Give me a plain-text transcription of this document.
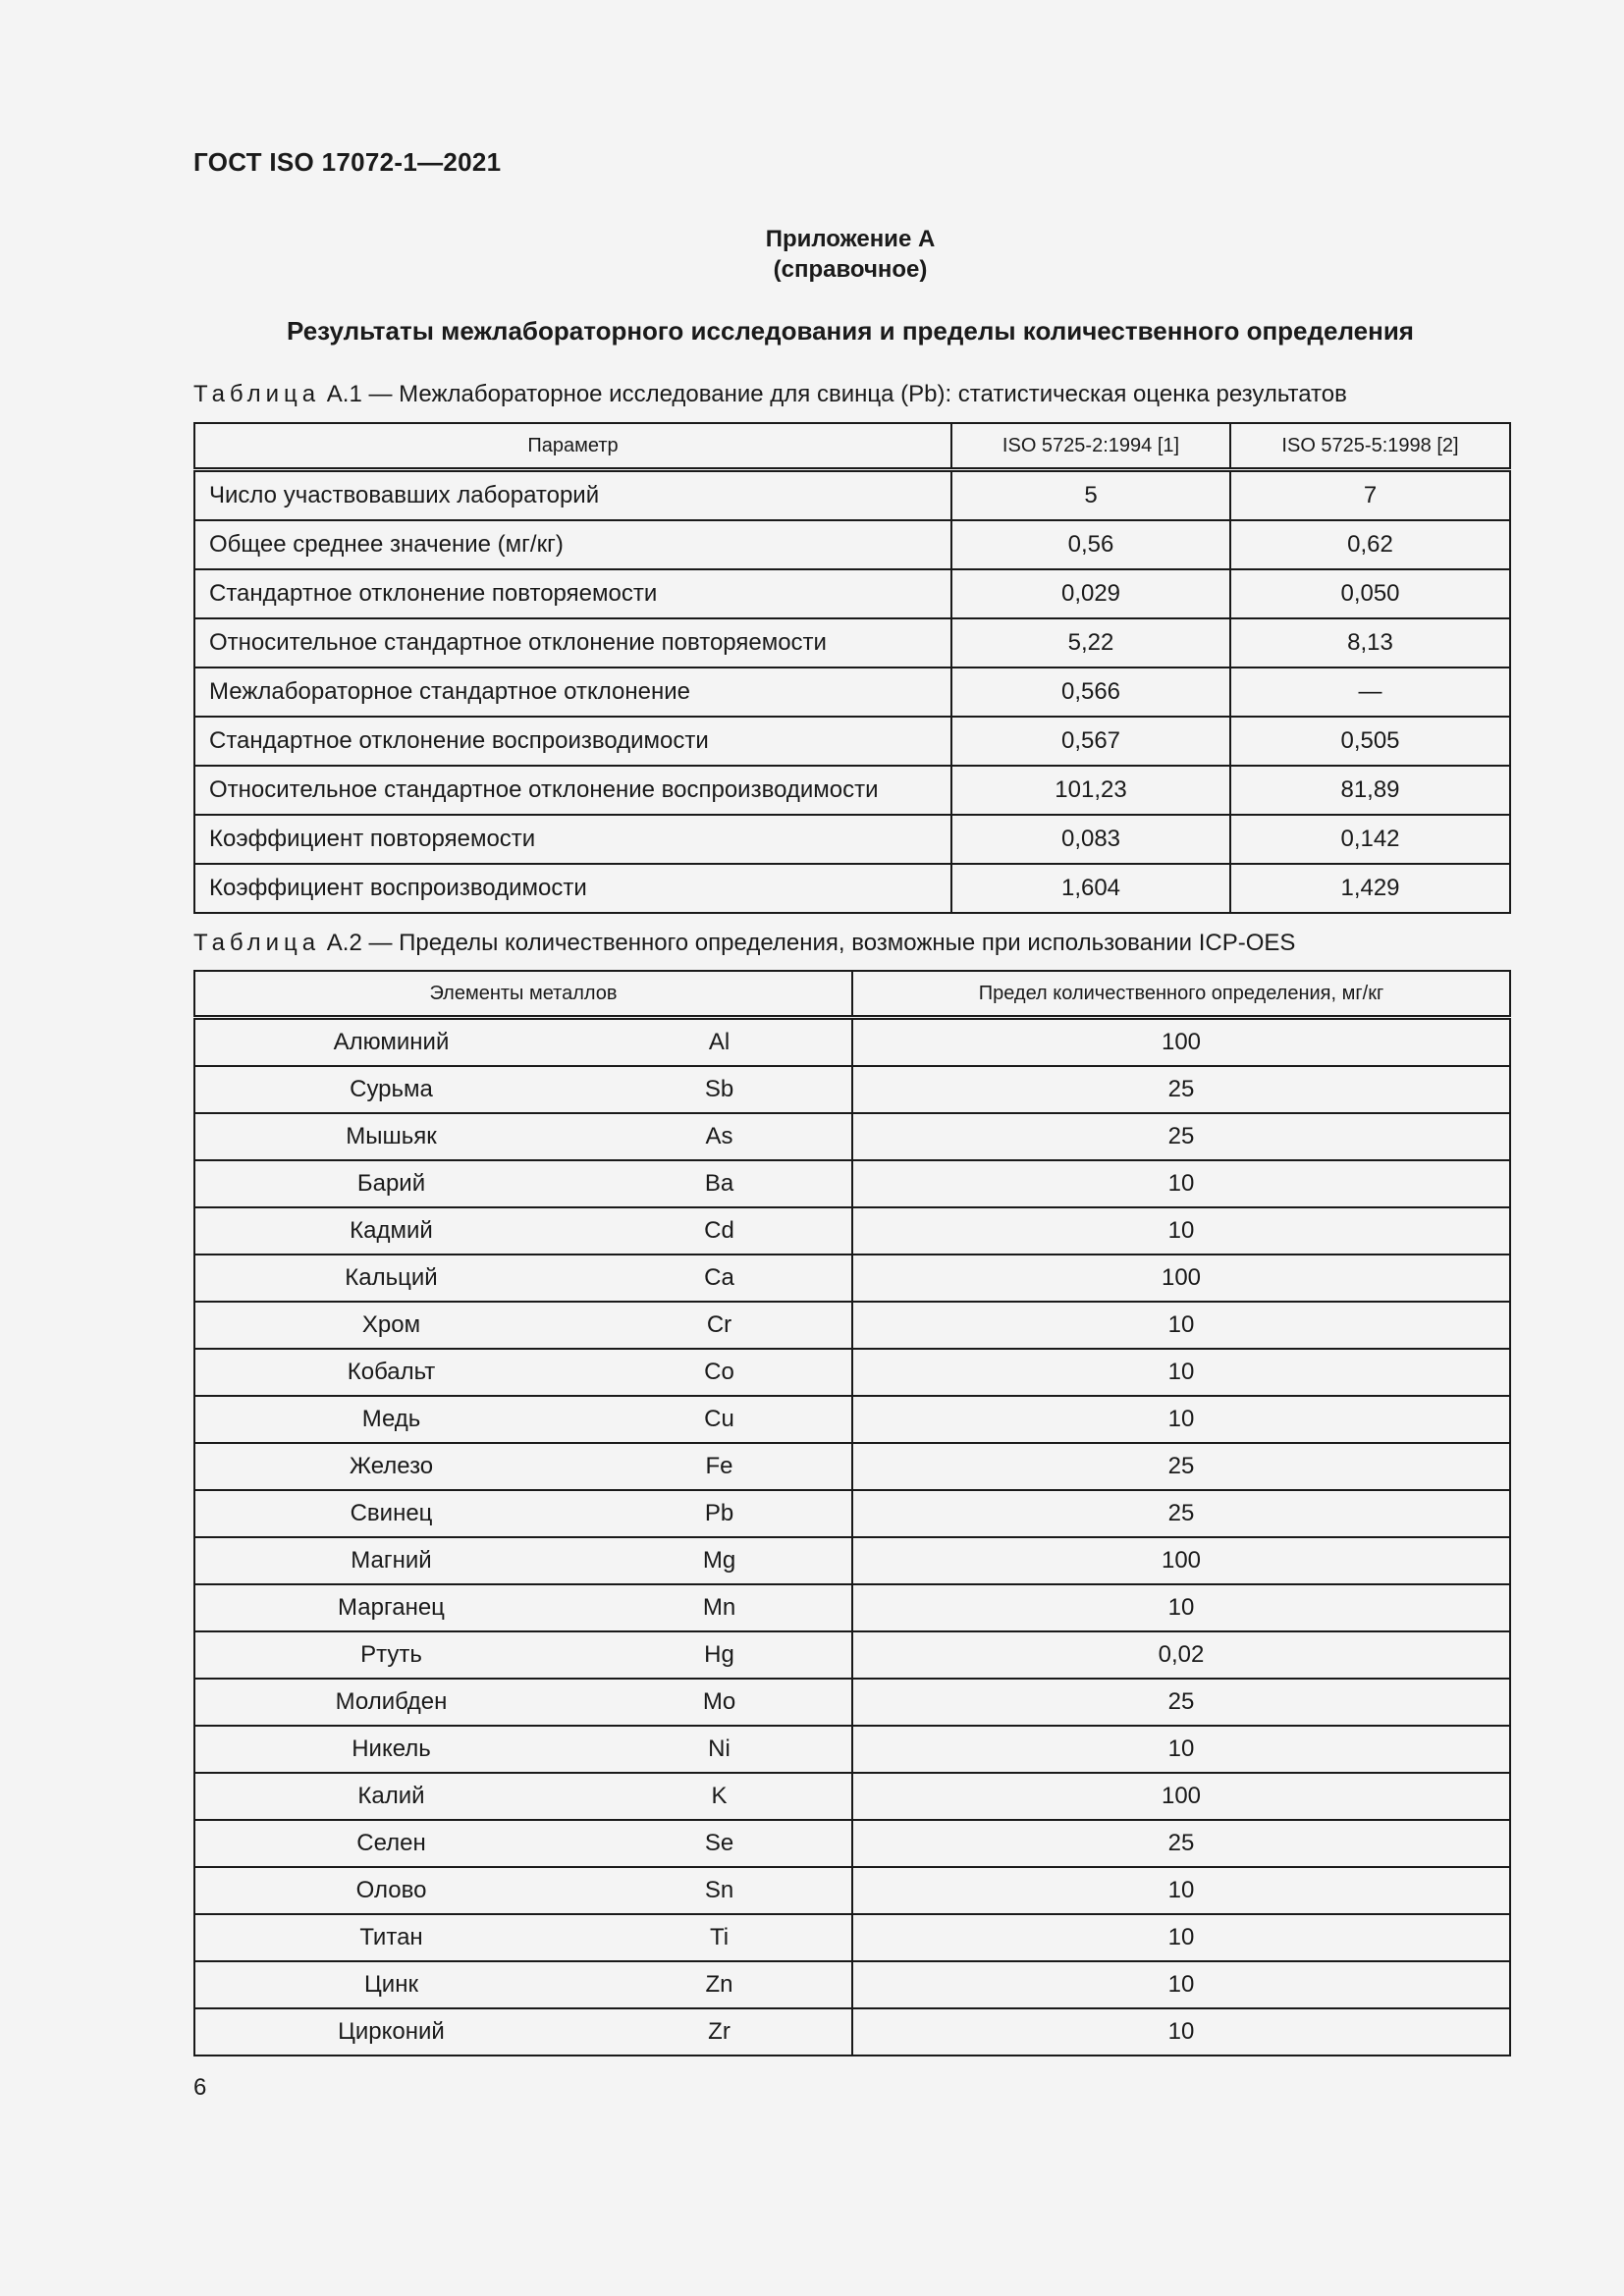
ГОСТ ISO 17072-1—2021
Приложение А
(справочное)
Результаты межлабораторного исследования и пределы количественного определения
Таблица А.1 — Межлабораторное исследование для свинца (Pb): статистическая оценка результатов
Параметр	ISO 5725-2:1994 [1]	ISO 5725-5:1998 [2]
Число участвовавших лабораторий	5	7
Общее среднее значение (мг/кг)	0,56	0,62
Стандартное отклонение повторяемости	0,029	0,050
Относительное стандартное отклонение повторяемости	5,22	8,13
Межлабораторное стандартное отклонение	0,566	—
Стандартное отклонение воспроизводимости	0,567	0,505
Относительное стандартное отклонение воспроизводимости	101,23	81,89
Коэффициент повторяемости	0,083	0,142
Коэффициент воспроизводимости	1,604	1,429
Таблица А.2 — Пределы количественного определения, возможные при использовании ICP-OES
Элементы металлов		Предел количественного определения, мг/кг
Алюминий	Al	100
Сурьма	Sb	25
Мышьяк	As	25
Барий	Ba	10
Кадмий	Cd	10
Кальций	Ca	100
Хром	Cr	10
Кобальт	Co	10
Медь	Cu	10
Железо	Fe	25
Свинец	Pb	25
Магний	Mg	100
Марганец	Mn	10
Ртуть	Hg	0,02
Молибден	Mo	25
Никель	Ni	10
Калий	K	100
Селен	Se	25
Олово	Sn	10
Титан	Ti	10
Цинк	Zn	10
Цирконий	Zr	10
6
